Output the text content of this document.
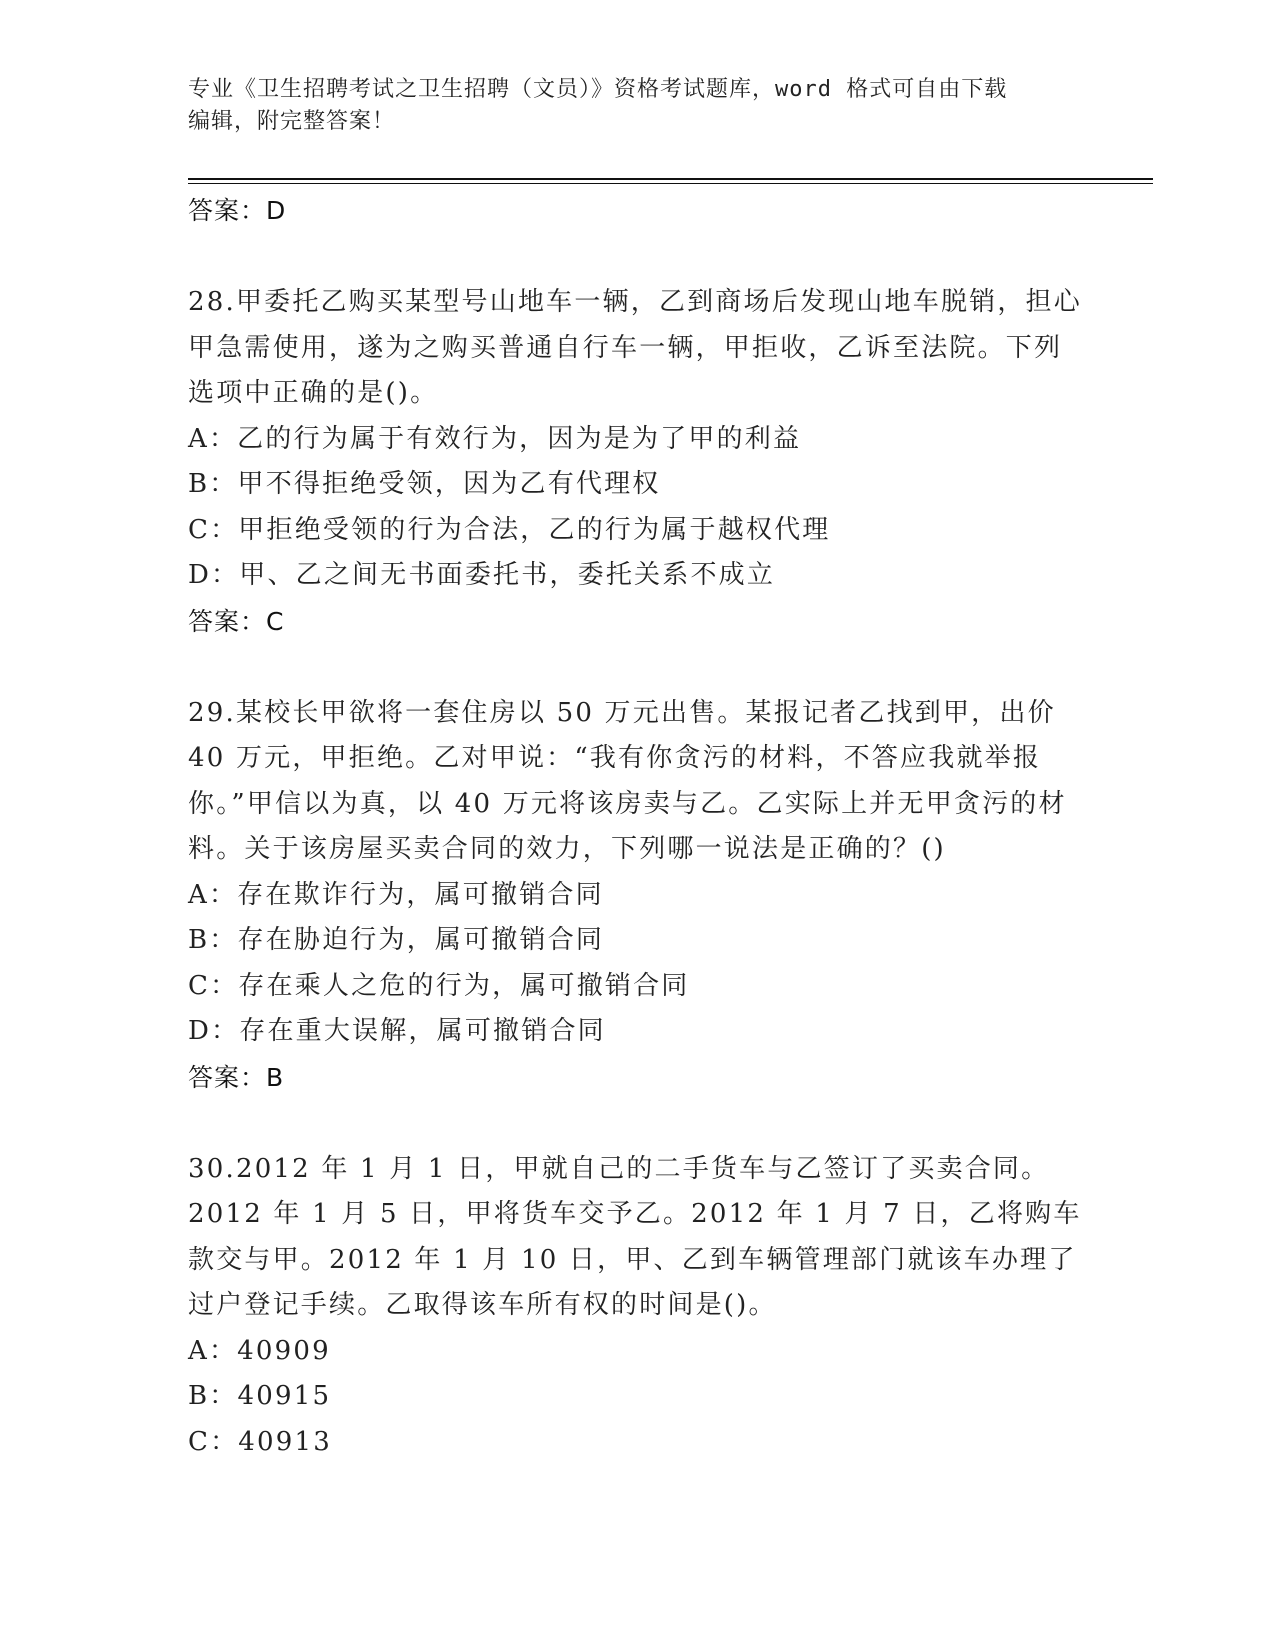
专业《卫生招聘考试之卫生招聘（文员）》资格考试题库，word 格式可自由下载
编辑，附完整答案！
答案：D
28.甲委托乙购买某型号山地车一辆，乙到商场后发现山地车脱销，担心甲急需使用，遂为之购买普通自行车一辆，甲拒收，乙诉至法院。下列选项中正确的是()。
A：乙的行为属于有效行为，因为是为了甲的利益
B：甲不得拒绝受领，因为乙有代理权
C：甲拒绝受领的行为合法，乙的行为属于越权代理
D：甲、乙之间无书面委托书，委托关系不成立
答案：C
29.某校长甲欲将一套住房以 50 万元出售。某报记者乙找到甲，出价 40 万元，甲拒绝。乙对甲说：“我有你贪污的材料，不答应我就举报你。”甲信以为真，以 40 万元将该房卖与乙。乙实际上并无甲贪污的材料。关于该房屋买卖合同的效力，下列哪一说法是正确的？()
A：存在欺诈行为，属可撤销合同
B：存在胁迫行为，属可撤销合同
C：存在乘人之危的行为，属可撤销合同
D：存在重大误解，属可撤销合同
答案：B
30.2012 年 1 月 1 日，甲就自己的二手货车与乙签订了买卖合同。2012 年 1 月 5 日，甲将货车交予乙。2012 年 1 月 7 日，乙将购车款交与甲。2012 年 1 月 10 日，甲、乙到车辆管理部门就该车办理了过户登记手续。乙取得该车所有权的时间是()。
A：40909
B：40915
C：40913
